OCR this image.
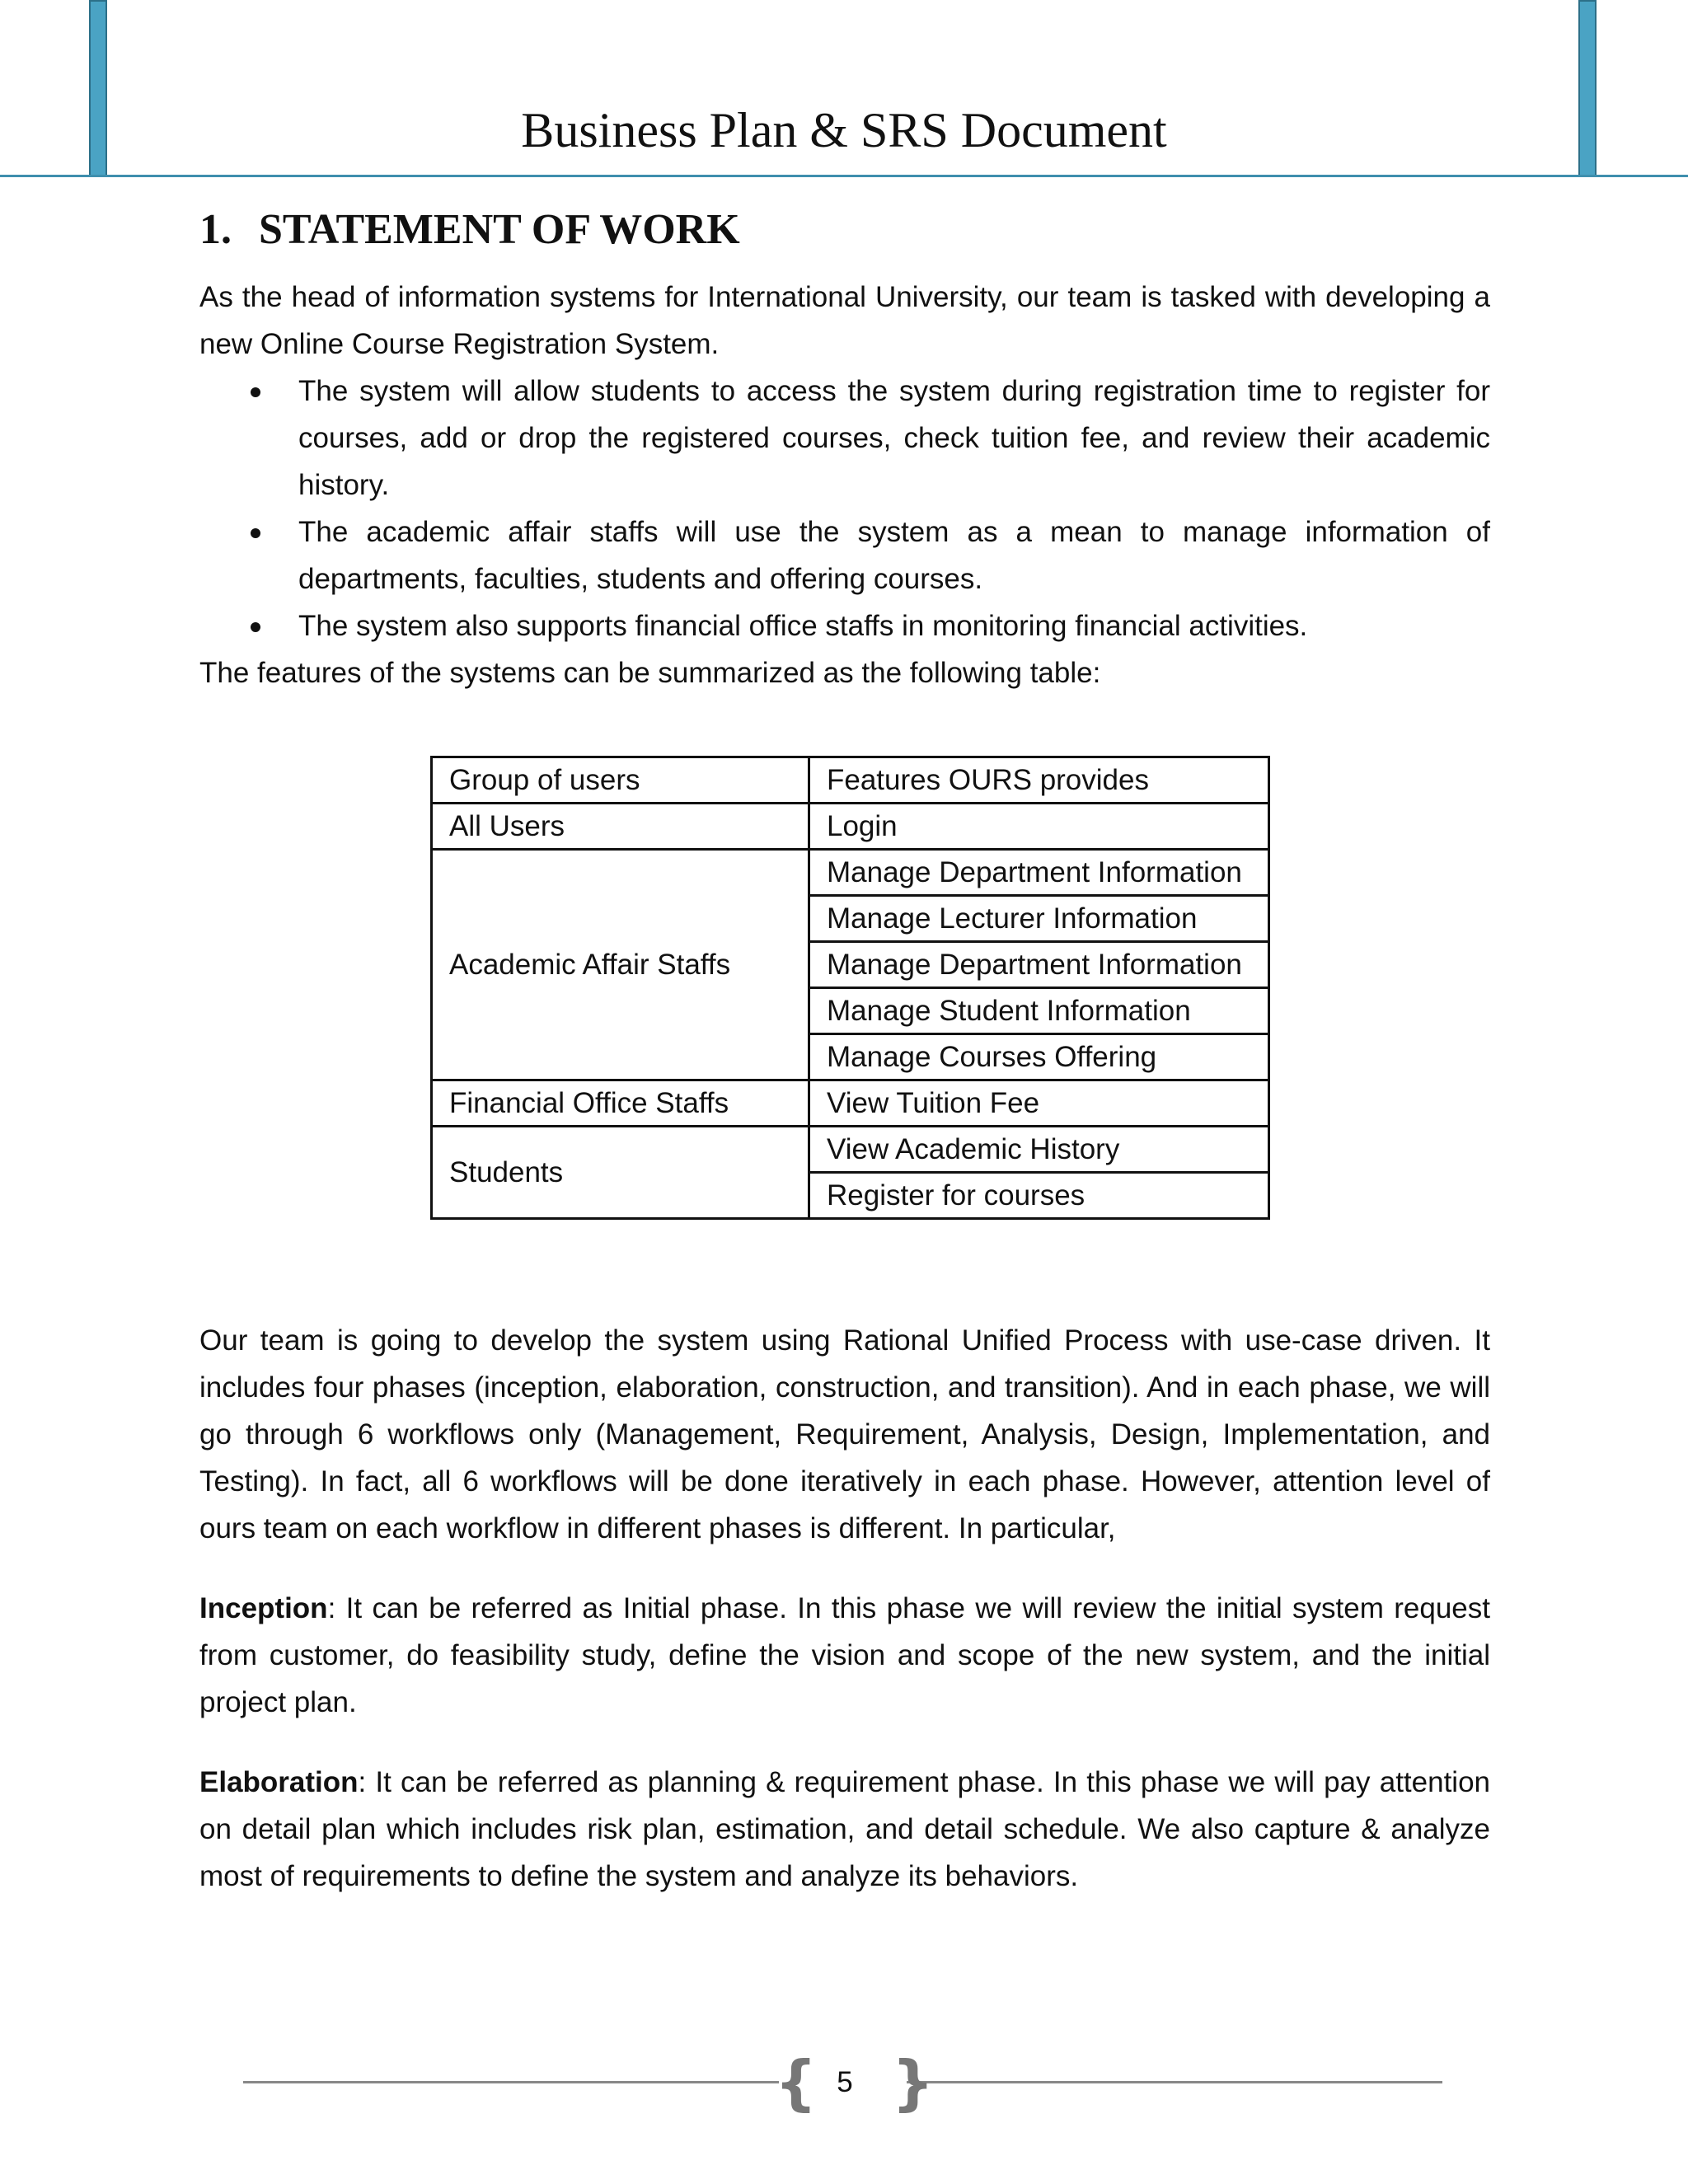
Business Plan & SRS Document
1. STATEMENT OF WORK

As the head of information systems for International University, our team is tasked with developing a new Online Course Registration System.

The system will allow students to access the system during registration time to register for courses, add or drop the registered courses, check tuition fee, and review their academic history.
The academic affair staffs will use the system as a mean to manage information of departments, faculties, students and offering courses.
The system also supports financial office staffs in monitoring financial activities.

The features of the systems can be summarized as the following table:

Group of users	Features OURS provides
All Users	Login
Academic Affair Staffs	Manage Department Information
	Manage Lecturer Information
	Manage Department Information
	Manage Student Information
	Manage Courses Offering
Financial Office Staffs	View Tuition Fee
Students	View Academic History
	Register for courses

Our team is going to develop the system using Rational Unified Process with use-case driven. It includes four phases (inception, elaboration, construction, and transition). And in each phase, we will go through 6 workflows only (Management, Requirement, Analysis, Design, Implementation, and Testing). In fact, all 6 workflows will be done iteratively in each phase. However, attention level of ours team on each workflow in different phases is different. In particular,

Inception: It can be referred as Initial phase. In this phase we will review the initial system request from customer, do feasibility study, define the vision and scope of the new system, and the initial project plan.

Elaboration: It can be referred as planning & requirement phase. In this phase we will pay attention on detail plan which includes risk plan, estimation, and detail schedule. We also capture & analyze most of requirements to define the system and analyze its behaviors.

{ }
5
